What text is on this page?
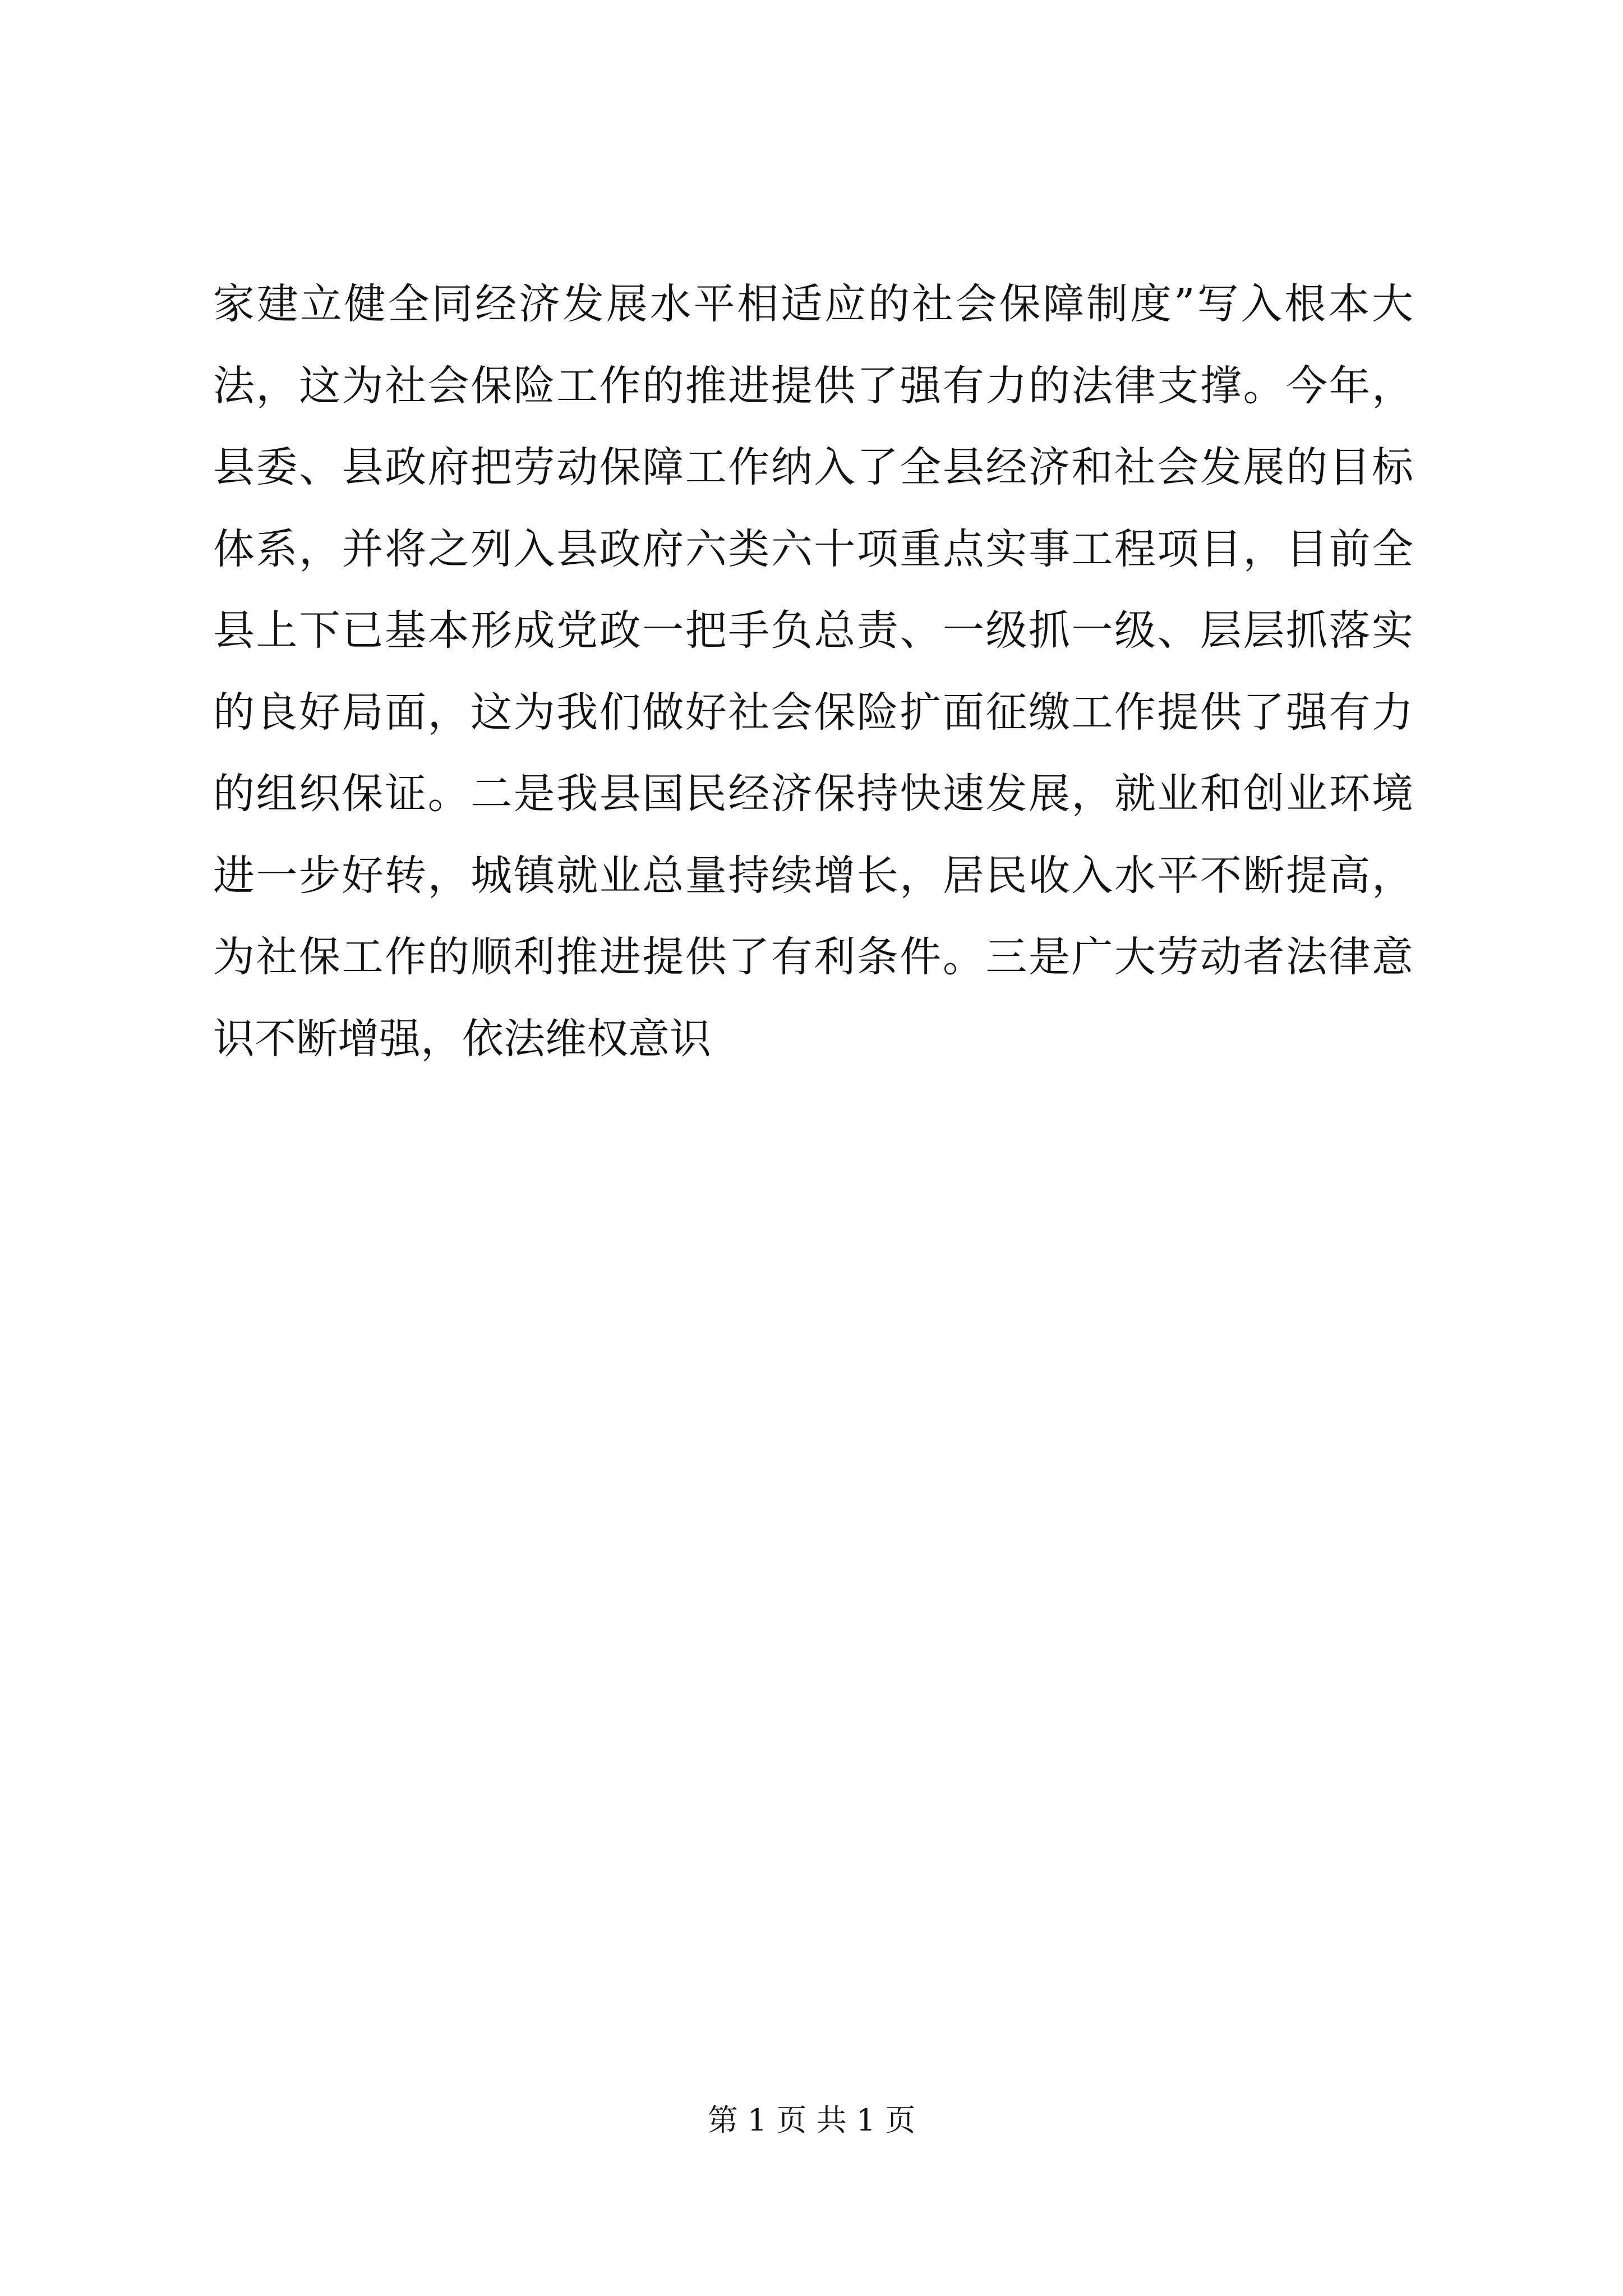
家建立健全同经济发展水平相适应的社会保障制度”写入根本大
法，这为社会保险工作的推进提供了强有力的法律支撑。今年，
县委、县政府把劳动保障工作纳入了全县经济和社会发展的目标
体系，并将之列入县政府六类六十项重点实事工程项目，目前全
县上下已基本形成党政一把手负总责、一级抓一级、层层抓落实
的良好局面，这为我们做好社会保险扩面征缴工作提供了强有力
的组织保证。二是我县国民经济保持快速发展，就业和创业环境
进一步好转，城镇就业总量持续增长，居民收入水平不断提高，
为社保工作的顺利推进提供了有利条件。三是广大劳动者法律意
识不断增强，依法维权意识
第 1 页 共 1 页
